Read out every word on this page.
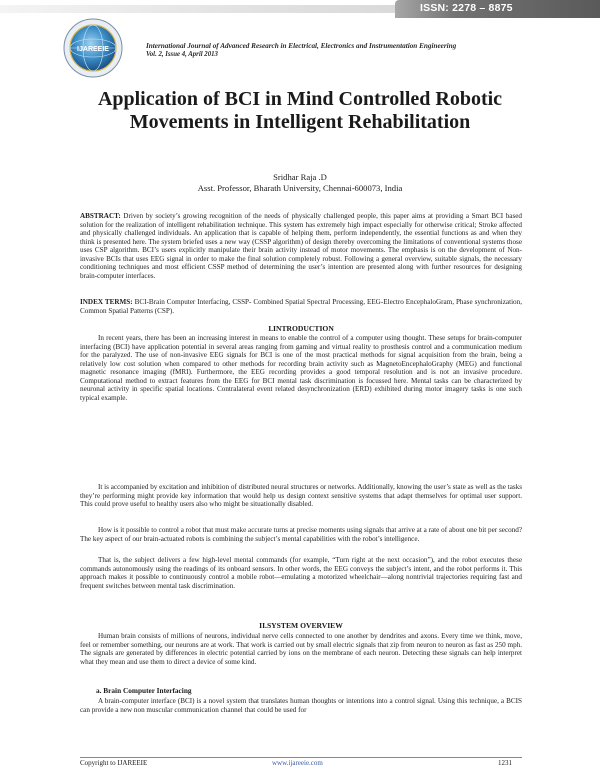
ISSN: 2278 – 8875
IJAREEIE	International Journal of Advanced Research in Electrical, Electronics and Instrumentation Engineering
Vol. 2, Issue 4, April 2013
Application of BCI in Mind Controlled Robotic Movements in Intelligent Rehabilitation
Sridhar Raja .D
Asst. Professor, Bharath University, Chennai-600073, India

ABSTRACT: Driven by society’s growing recognition of the needs of physically challenged people, this paper aims at providing a Smart BCI based solution for the realization of intelligent rehabilitation technique. This system has extremely high impact especially for otherwise critical; Stroke affected and physically challenged individuals. An application that is capable of helping them, perform independently, the essential functions as and when they think is presented here. The system briefed uses a new way (CSSP algorithm) of design thereby overcoming the limitations of conventional systems those uses CSP algorithm. BCI’s users explicitly manipulate their brain activity instead of motor movements. The emphasis is on the development of Non-invasive BCIs that uses EEG signal in order to make the final solution completely robust. Following a general overview, suitable signals, the necessary conditioning techniques and most efficient CSSP method of determining the user’s intention are presented along with further resources for designing brain-computer interfaces.

INDEX TERMS: BCI-Brain Computer Interfacing, CSSP- Combined Spatial Spectral Processing, EEG-Electro EncephaloGram, Phase synchronization, Common Spatial Patterns (CSP).

I.INTRODUCTION

In recent years, there has been an increasing interest in means to enable the control of a computer using thought. These setups for brain-computer interfacing (BCI) have application potential in several areas ranging from gaming and virtual reality to prosthesis control and a communication medium for the paralyzed. The use of non-invasive EEG signals for BCI is one of the most practical methods for signal acquisition from the brain, being a relatively low cost solution when compared to other methods for recording brain activity such as MagnetoEncephaloGraphy (MEG) and functional magnetic resonance imaging (fMRI). Furthermore, the EEG recording provides a good temporal resolution and is not an invasive procedure. Computational method to extract features from the EEG for BCI mental task discrimination is focussed here. Mental tasks can be characterized by neuronal activity in specific spatial locations. Contralateral event related desynchronization (ERD) exhibited during motor imagery tasks is one such typical example.

It is accompanied by excitation and inhibition of distributed neural structures or networks. Additionally, knowing the user’s state as well as the tasks they’re performing might provide key information that would help us design context sensitive systems that adapt themselves for optimal user support. This could prove useful to healthy users also who might be situationally disabled.

How is it possible to control a robot that must make accurate turns at precise moments using signals that arrive at a rate of about one bit per second? The key aspect of our brain-actuated robots is combining the subject’s mental capabilities with the robot’s intelligence.

That is, the subject delivers a few high-level mental commands (for example, “Turn right at the next occasion”), and the robot executes these commands autonomously using the readings of its onboard sensors. In other words, the EEG conveys the subject’s intent, and the robot performs it. This approach makes it possible to continuously control a mobile robot—emulating a motorized wheelchair—along nontrivial trajectories requiring fast and frequent switches between mental task discrimination.

II.SYSTEM OVERVIEW

Human brain consists of millions of neurons, individual nerve cells connected to one another by dendrites and axons. Every time we think, move, feel or remember something, our neurons are at work. That work is carried out by small electric signals that zip from neuron to neuron as fast as 250 mph. The signals are generated by differences in electric potential carried by ions on the membrane of each neuron. Detecting these signals can help interpret what they mean and use them to direct a device of some kind.

a. Brain Computer Interfacing

A brain-computer interface (BCI) is a novel system that translates human thoughts or intentions into a control signal. Using this technique, a BCIS can provide a new non muscular communication channel that could be used for

Copyright to IJAREEIE	www.ijareeie.com	1231
